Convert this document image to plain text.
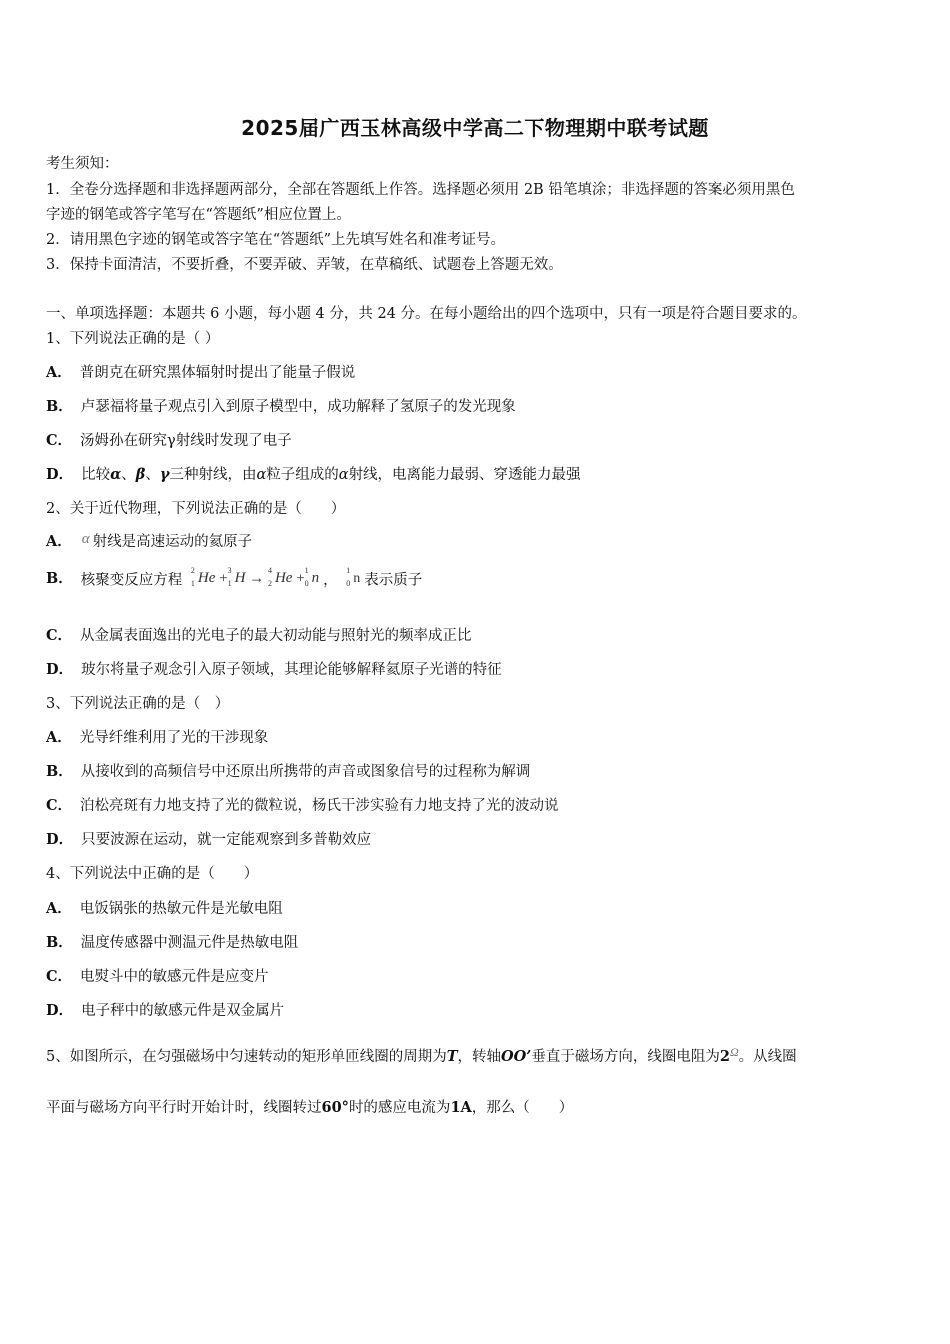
2025届广西玉林高级中学高二下物理期中联考试题
考生须知：
1．全卷分选择题和非选择题两部分，全部在答题纸上作答。选择题必须用 2B 铅笔填涂；非选择题的答案必须用黑色
字迹的钢笔或答字笔写在“答题纸”相应位置上。
2．请用黑色字迹的钢笔或答字笔在“答题纸”上先填写姓名和准考证号。
3．保持卡面清洁，不要折叠，不要弄破、弄皱，在草稿纸、试题卷上答题无效。
一、单项选择题：本题共 6 小题，每小题 4 分，共 24 分。在每小题给出的四个选项中，只有一项是符合题目要求的。
1、下列说法正确的是（ ）
A． 普朗克在研究黑体辐射时提出了能量子假说
B． 卢瑟福将量子观点引入到原子模型中，成功解释了氢原子的发光现象
C． 汤姆孙在研究γ射线时发现了电子
D． 比较α、β、γ三种射线，由α粒子组成的α射线，电离能力最弱、穿透能力最强
2、关于近代物理，下列说法正确的是（　　）
A． α 射线是高速运动的氦原子
B． 核聚变反应方程
2
1 He + 3
1 H → 4
2 He + 1
0 n ，
1
0 n 表示质子
C． 从金属表面逸出的光电子的最大初动能与照射光的频率成正比
D． 玻尔将量子观念引入原子领域，其理论能够解释氦原子光谱的特征
3、下列说法正确的是（　）
A． 光导纤维利用了光的干涉现象
B． 从接收到的高频信号中还原出所携带的声音或图象信号的过程称为解调
C． 泊松亮斑有力地支持了光的微粒说，杨氏干涉实验有力地支持了光的波动说
D． 只要波源在运动，就一定能观察到多普勒效应
4、下列说法中正确的是（　　）
A． 电饭锅张的热敏元件是光敏电阻
B． 温度传感器中测温元件是热敏电阻
C． 电熨斗中的敏感元件是应变片
D． 电子秤中的敏感元件是双金属片
5、如图所示，在匀强磁场中匀速转动的矩形单匝线圈的周期为T，转轴OO’垂直于磁场方向，线圈电阻为$2^\Omega$。从线圈
平面与磁场方向平行时开始计时，线圈转过60°时的感应电流为1A，那么（　　）
